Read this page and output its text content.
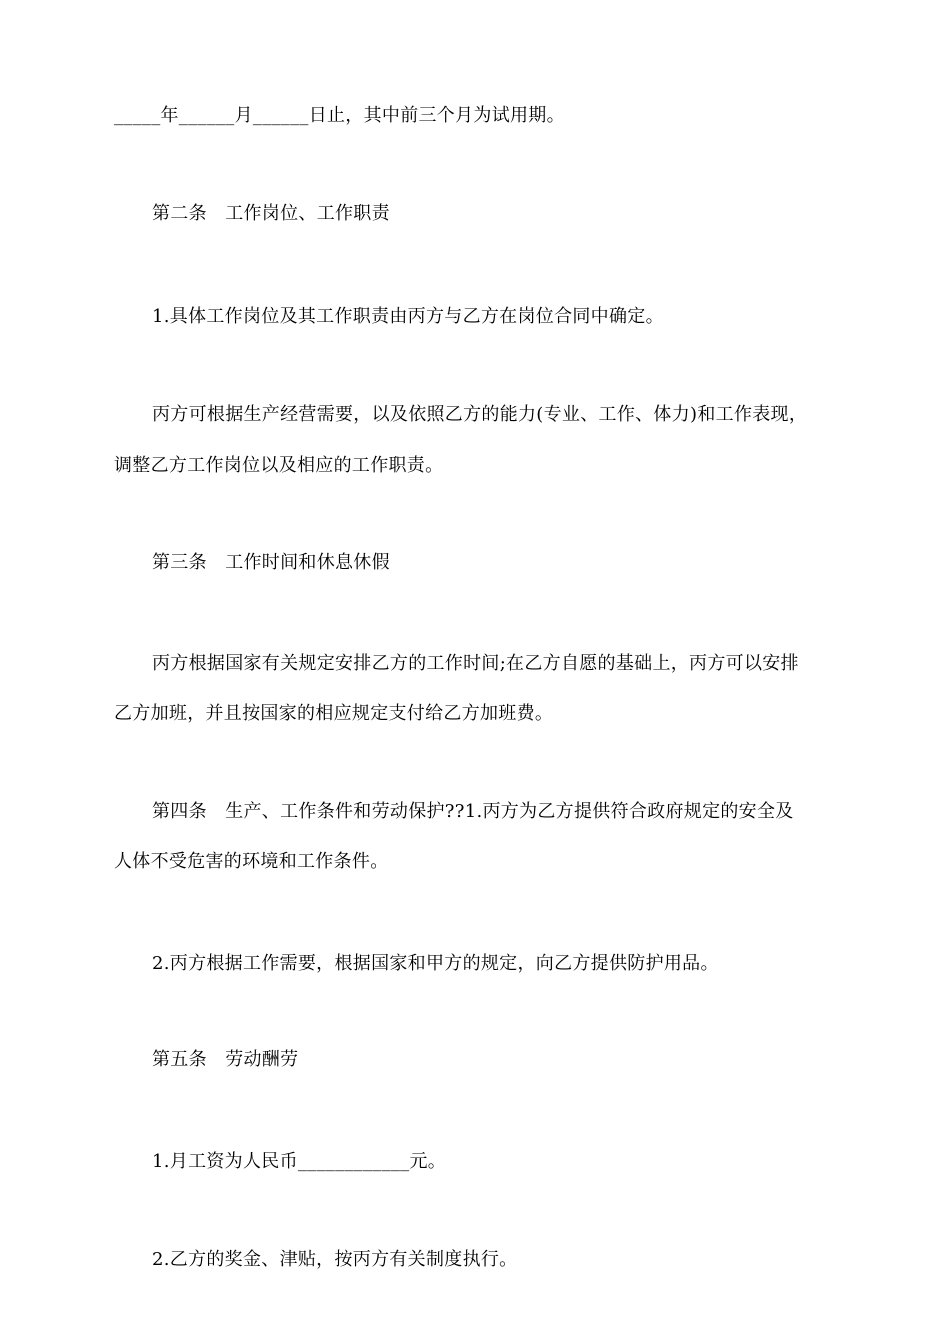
_____年______月______日止，其中前三个月为试用期。
第二条　工作岗位、工作职责
1.具体工作岗位及其工作职责由丙方与乙方在岗位合同中确定。
丙方可根据生产经营需要，以及依照乙方的能力(专业、工作、体力)和工作表现，
调整乙方工作岗位以及相应的工作职责。
第三条　工作时间和休息休假
丙方根据国家有关规定安排乙方的工作时间;在乙方自愿的基础上，丙方可以安排
乙方加班，并且按国家的相应规定支付给乙方加班费。
第四条　生产、工作条件和劳动保护??1.丙方为乙方提供符合政府规定的安全及
人体不受危害的环境和工作条件。
2.丙方根据工作需要，根据国家和甲方的规定，向乙方提供防护用品。
第五条　劳动酬劳
1.月工资为人民币____________元。
2.乙方的奖金、津贴，按丙方有关制度执行。
